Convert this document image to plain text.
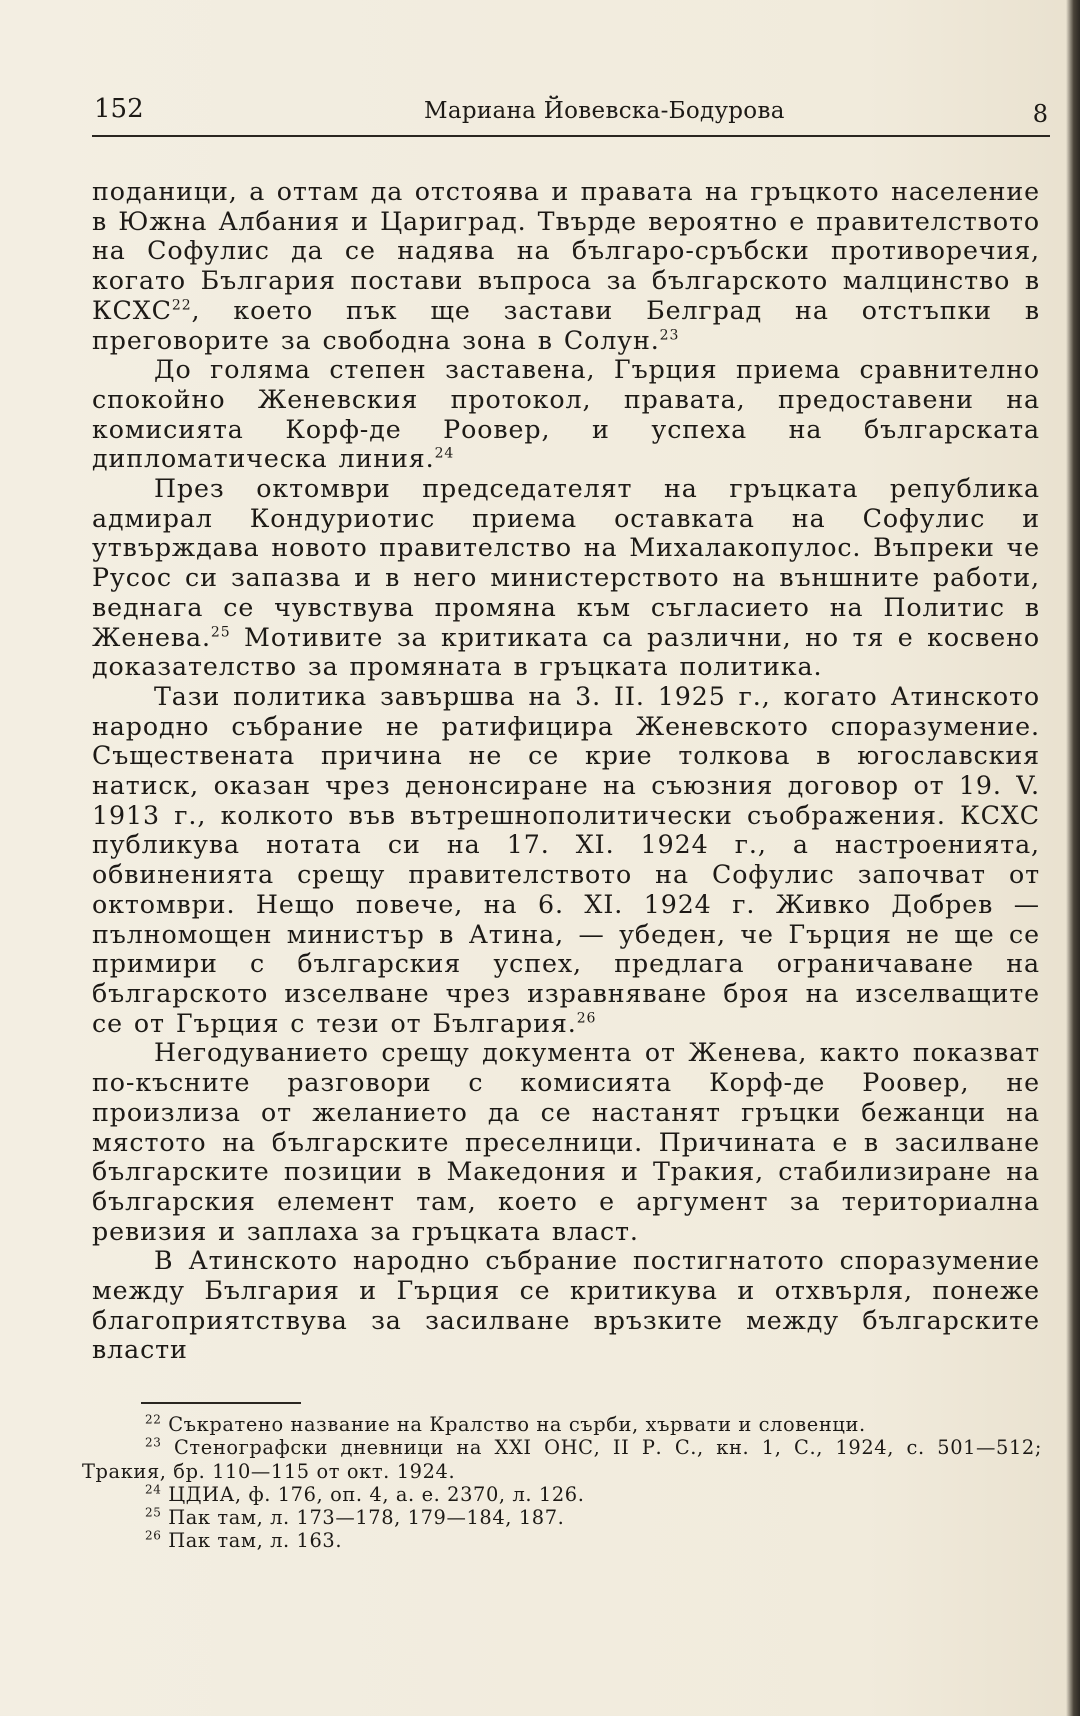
152	Мариана Йовевска-Бодурова	8

поданици, а оттам да отстоява и правата на гръцкото население в Южна Албания и Цариград. Твърде вероятно е правителството на Софулис да се надява на българо-сръбски противоречия, когато България постави въпроса за българското малцинство в КСХС$^{22}$, което пък ще застави Белград на отстъпки в преговорите за свободна зона в Солун.$^{23}$

До голяма степен заставена, Гърция приема сравнително спокойно Женевския протокол, правата, предоставени на комисията Корф-де Роовер, и успеха на българската дипломатическа линия.$^{24}$

През октомври председателят на гръцката република адмирал Кондуриотис приема оставката на Софулис и утвърждава новото правителство на Михалакопулос. Въпреки че Русос си запазва и в него министерството на външните работи, веднага се чувствува промяна към съгласието на Политис в Женева.$^{25}$ Мотивите за критиката са различни, но тя е косвено доказателство за промяната в гръцката политика.

Тази политика завършва на 3. II. 1925 г., когато Атинското народно събрание не ратифицира Женевското споразумение. Съществената причина не се крие толкова в югославския натиск, оказан чрез денонсиране на съюзния договор от 19. V. 1913 г., колкото във вътрешнополитически съображения. КСХС публикува нотата си на 17. XI. 1924 г., а настроенията, обвиненията срещу правителството на Софулис започват от октомври. Нещо повече, на 6. XI. 1924 г. Живко Добрев — пълномощен министър в Атина, — убеден, че Гърция не ще се примири с българския успех, предлага ограничаване на българското изселване чрез изравняване броя на изселващите се от Гърция с тези от България.$^{26}$

Негодуванието срещу документа от Женева, както показват по-късните разговори с комисията Корф-де Роовер, не произлиза от желанието да се настанят гръцки бежанци на мястото на българските преселници. Причината е в засилване българските позиции в Македония и Тракия, стабилизиране на българския елемент там, което е аргумент за териториална ревизия и заплаха за гръцката власт.

В Атинското народно събрание постигнатото споразумение между България и Гърция се критикува и отхвърля, понеже благоприятствува за засилване връзките между българските власти

$^{22}$ Съкратено название на Кралство на сърби, хървати и словенци.

$^{23}$ Стенографски дневници на XXI ОНС, II Р. С., кн. 1, С., 1924, с. 501—512; Тракия, бр. 110—115 от окт. 1924.

$^{24}$ ЦДИА, ф. 176, оп. 4, а. е. 2370, л. 126.

$^{25}$ Пак там, л. 173—178, 179—184, 187.

$^{26}$ Пак там, л. 163.
